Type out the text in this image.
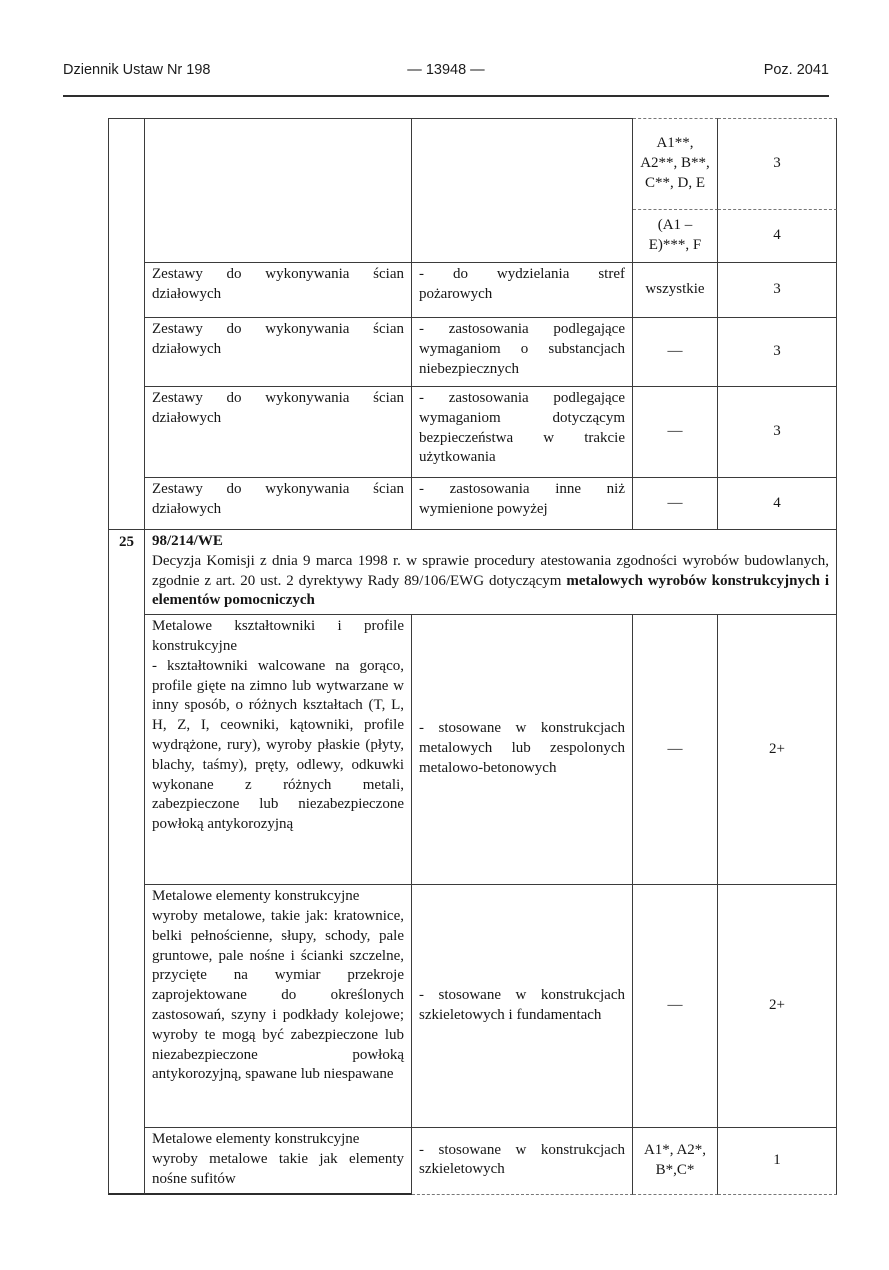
Dziennik Ustaw Nr 198	— 13948 —	Poz. 2041
			A1**, A2**, B**, C**, D, E	3
			(A1 – E)***, F	4

	Zestawy do wykonywania ścian działowych	- do wydzielania stref pożarowych	wszystkie	3

	Zestawy do wykonywania ścian działowych	- zastosowania podlegające wymaganiom o substancjach niebezpiecznych	—	3

	Zestawy do wykonywania ścian działowych	- zastosowania podlegające wymaganiom dotyczącym bezpieczeństwa w trakcie użytkowania	—	3

	Zestawy do wykonywania ścian działowych	- zastosowania inne niż wymienione powyżej	—	4
25	98/214/WE

Decyzja Komisji z dnia 9 marca 1998 r. w sprawie procedury atestowania zgodności wyrobów budowlanych, zgodnie z art. 20 ust. 2 dyrektywy Rady 89/106/EWG dotyczącym metalowych wyrobów konstrukcyjnych i elementów pomocniczych			

	Metalowe kształtowniki i profile konstrukcyjne
- kształtowniki walcowane na gorąco, profile gięte na zimno lub wytwarzane w inny sposób, o różnych kształtach (T, L, H, Z, I, ceowniki, kątowniki, profile wydrążone, rury), wyroby płaskie (płyty, blachy, taśmy), pręty, odlewy, odkuwki wykonane z różnych metali, zabezpieczone lub niezabezpieczone powłoką antykorozyjną	- stosowane w konstrukcjach metalowych lub zespolonych metalowo-betonowych	—	2+

	Metalowe elementy konstrukcyjne
wyroby metalowe, takie jak: kratownice, belki pełnościenne, słupy, schody, pale gruntowe, pale nośne i ścianki szczelne, przycięte na wymiar przekroje zaprojektowane do określonych zastosowań, szyny i podkłady kolejowe; wyroby te mogą być zabezpieczone lub niezabezpieczone powłoką antykorozyjną, spawane lub niespawane	- stosowane w konstrukcjach szkieletowych i fundamentach	—	2+

	Metalowe elementy konstrukcyjne
wyroby metalowe takie jak elementy nośne sufitów	- stosowane w konstrukcjach szkieletowych	A1*, A2*, B*,C*	1
